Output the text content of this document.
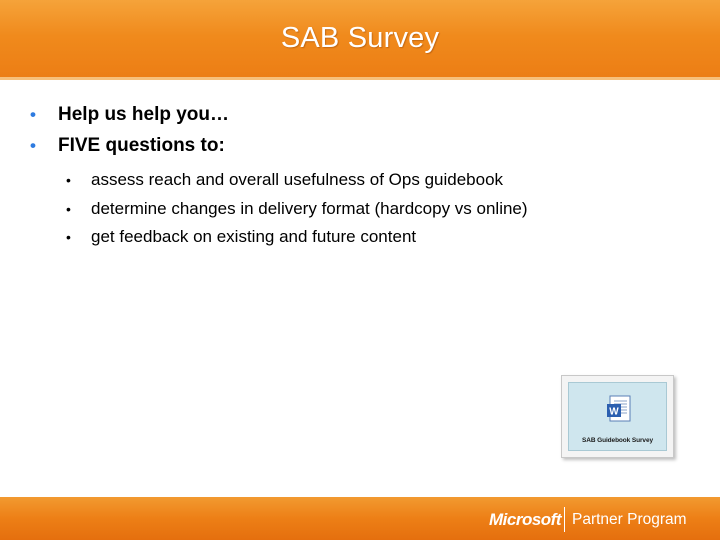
SAB Survey
•	Help us help you…
•	FIVE questions to:
•	assess reach and overall usefulness of Ops guidebook
•	determine changes in delivery format (hardcopy vs online)
•	get feedback on existing and future content
W
SAB Guidebook Survey
Microsoft Partner Program
